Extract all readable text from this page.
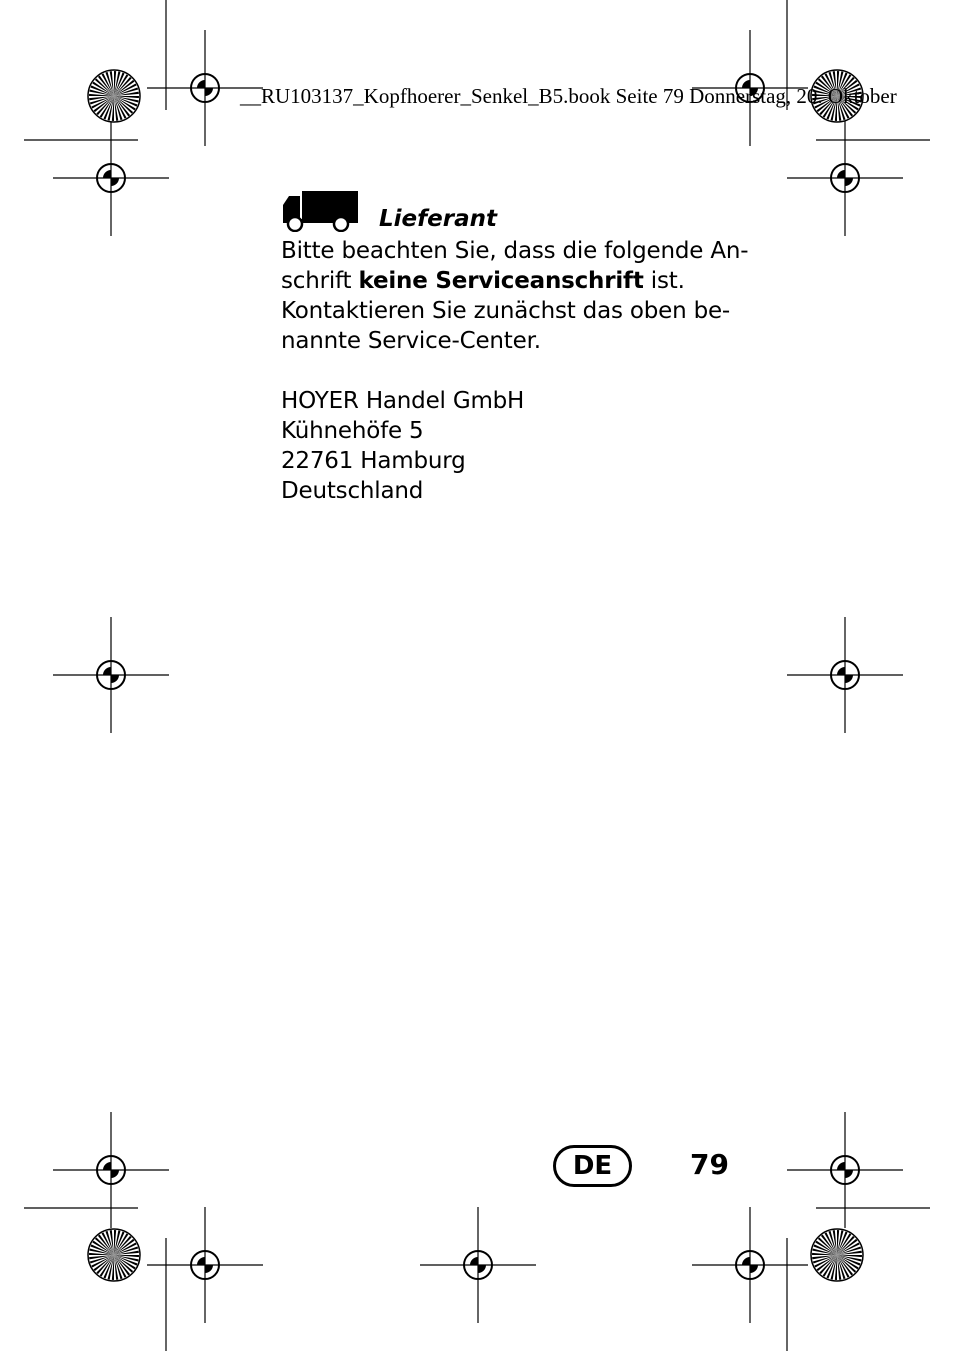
__RU103137_Kopfhoerer_Senkel_B5.book Seite 79 Donnerstag, 20. Oktober
Lieferant

Bitte beachten Sie, dass die folgende An-
schrift keine Serviceanschrift ist.
Kontaktieren Sie zunächst das oben be-
nannte Service-Center.

HOYER Handel GmbH
Kühnehöfe 5
22761 Hamburg
Deutschland
DE	79
